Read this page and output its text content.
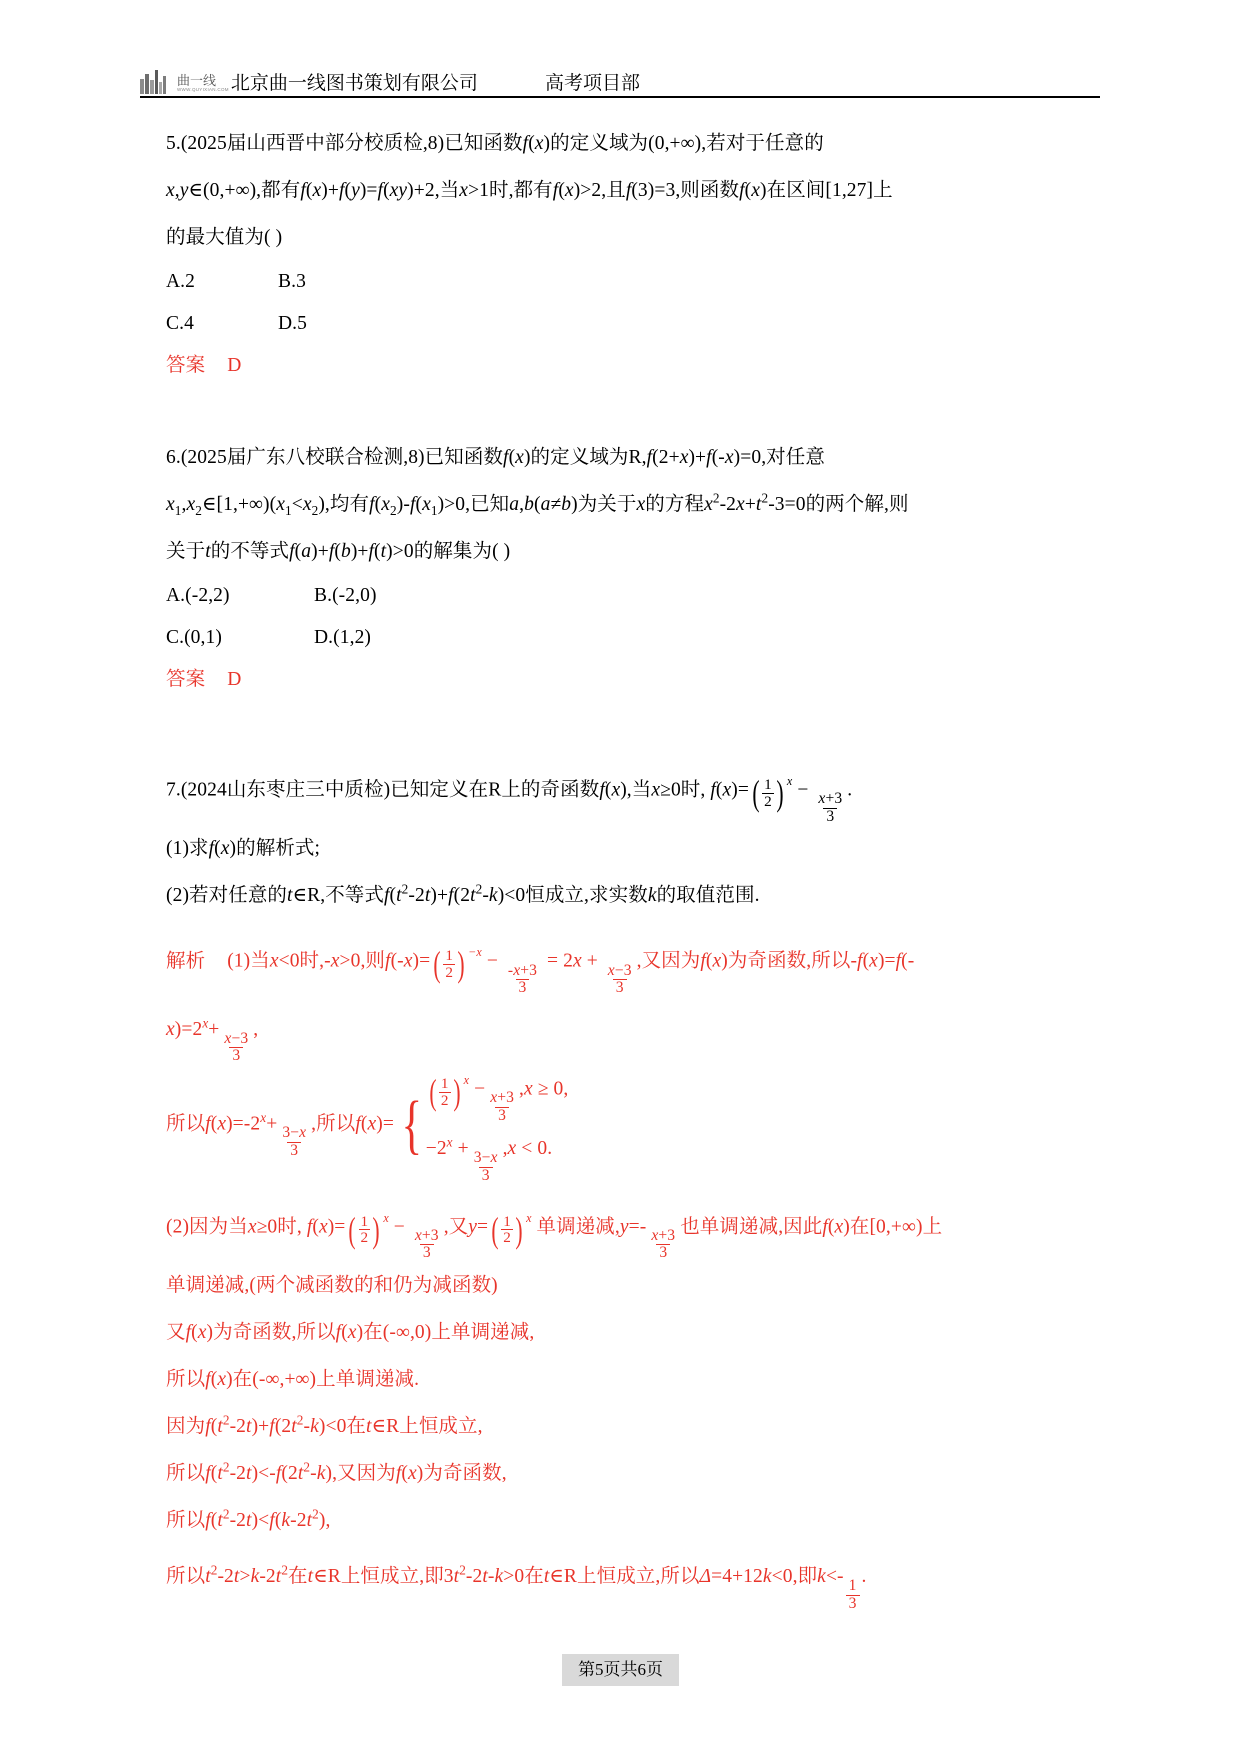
曲一线
WWW.QUYIXIAN.COM 北京曲一线图书策划有限公司	高考项目部
5.(2025届山西晋中部分校质检,8)已知函数f(x)的定义域为(0,+∞),若对于任意的
x,y∈(0,+∞),都有f(x)+f(y)=f(xy)+2,当x>1时,都有f(x)>2,且f(3)=3,则函数f(x)在区间[1,27]上
的最大值为( )
A.2	B.3
C.4	D.5
答案 D
6.(2025届广东八校联合检测,8)已知函数f(x)的定义域为R,f(2+x)+f(-x)=0,对任意
$x_1,x_2\in[1,+\infty)(x_1<x_2)$,均有$f(x_2)-f(x_1)>0$,已知a,b(a≠b)为关于x的方程$x^2-2x+t^2-3=0$的两个解,则
关于t的不等式f(a)+f(b)+f(t)>0的解集为( )
A.(-2,2)	B.(-2,0)
C.(0,1)	D.(1,2)
答案 D
7.(2024山东枣庄三中质检)已知定义在R上的奇函数f(x),当x≥0时, f(x)= ( $\frac{1}{2}$ ) $^x$ −
$\frac{x+3}{3}$
.
(1)求f(x)的解析式;
(2)若对任意的t∈R,不等式$f(t^2-2t)+f(2t^2-k)<0$恒成立,求实数k的取值范围.
解析 (1)当x<0时,-x>0,则f(-x)= ( $\frac{1}{2}$ ) $^{-x}$ −
$\frac{-x+3}{3}$
= 2x +
$\frac{x-3}{3}$
,又因为f(x)为奇函数,所以-f(x)=f(-
$x)=2^x+$
$\frac{x-3}{3}$
,
所以$f(x)=-2^x+$
$\frac{3-x}{3}$
,所以f(x)= { ( $\frac{1}{2}$ ) $^x$ −
$\frac{x+3}{3}$
,x ≥ 0,
$-2^x$ +
$\frac{3-x}{3}$
,x < 0.
(2)因为当x≥0时, f(x)= ( $\frac{1}{2}$ ) $^x$ −
$\frac{x+3}{3}$
,又y= ( $\frac{1}{2}$ ) $^x$ 单调递减,y=-
$\frac{x+3}{3}$
也单调递减,因此f(x)在[0,+∞)上
单调递减,(两个减函数的和仍为减函数)
又f(x)为奇函数,所以f(x)在(-∞,0)上单调递减,
所以f(x)在(-∞,+∞)上单调递减.
因为$f(t^2-2t)+f(2t^2-k)<0$在t∈R上恒成立,
所以$f(t^2-2t)<-f(2t^2-k)$,又因为f(x)为奇函数,
所以$f(t^2-2t)<f(k-2t^2)$,
所以$t^2-2t>k-2t^2$在t∈R上恒成立,即$3t^2-2t-k>0$在t∈R上恒成立,所以Δ=4+12k<0,即k<-
$\frac{1}{3}$
.
第5页共6页
